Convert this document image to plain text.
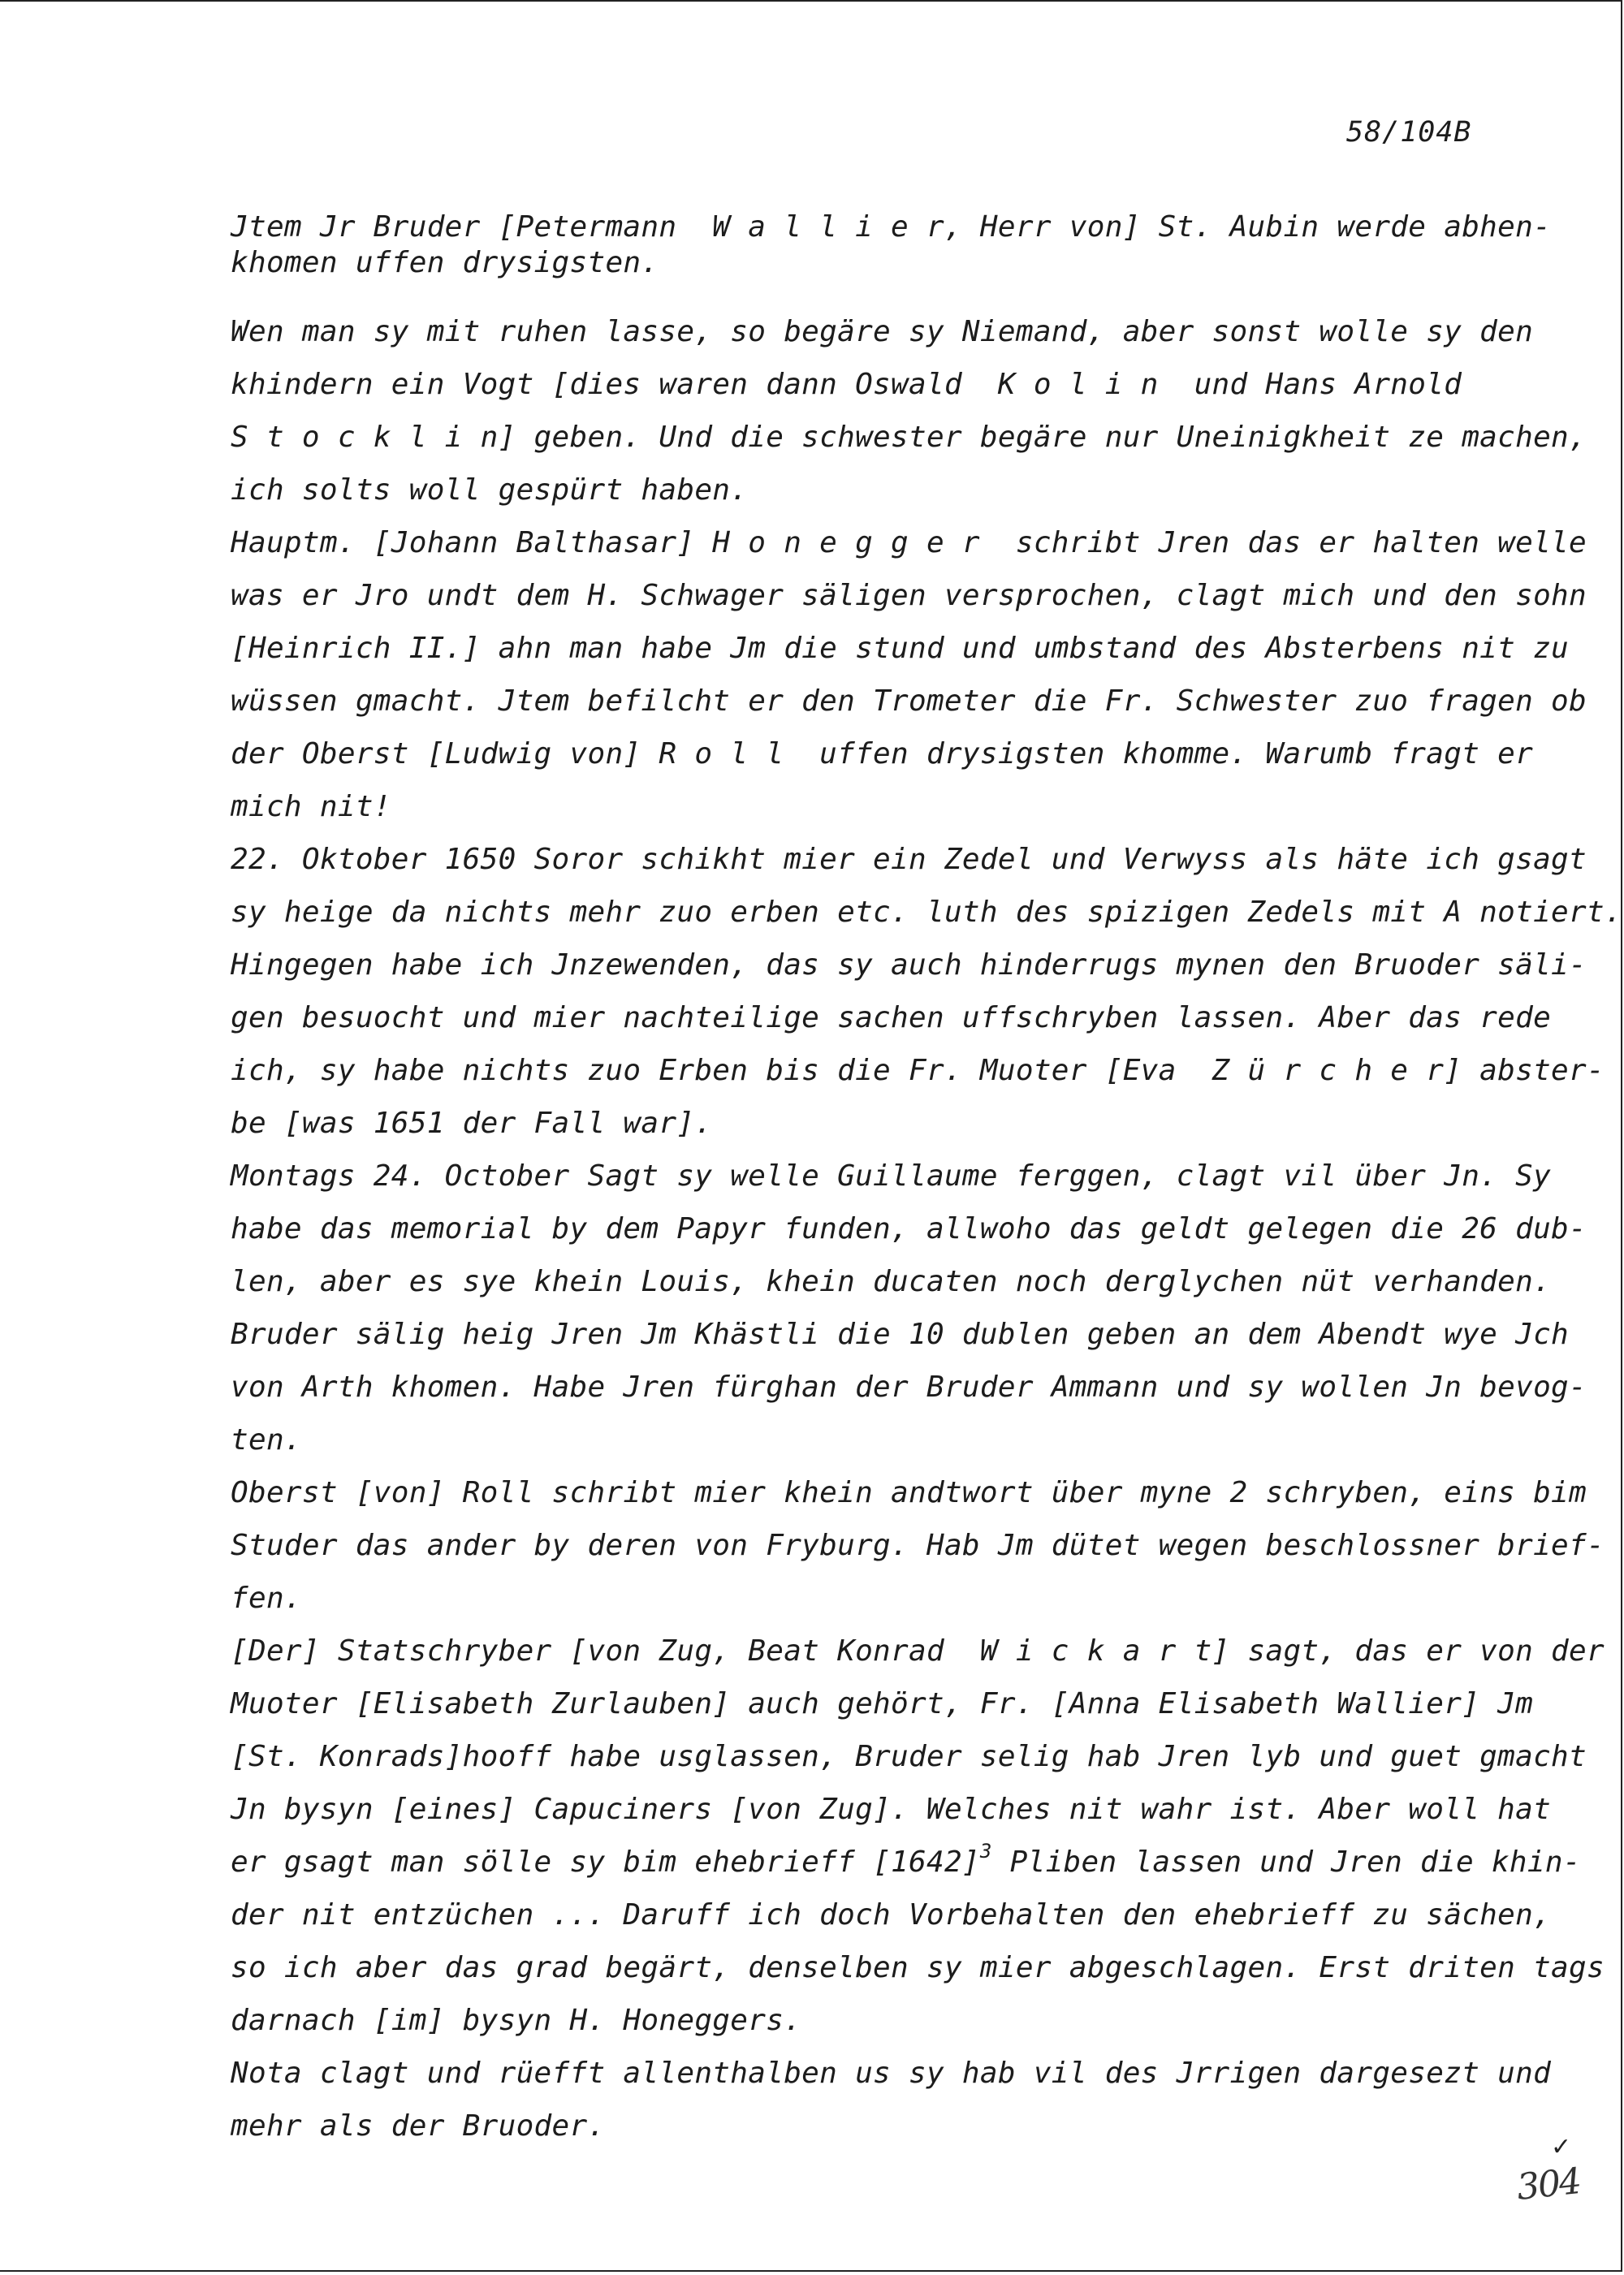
58/104B
Jtem Jr Bruder [Petermann  W a l l i e r, Herr von] St. Aubin werde abhen-
khomen uffen drysigsten.
Wen man sy mit ruhen lasse, so begäre sy Niemand, aber sonst wolle sy den
khindern ein Vogt [dies waren dann Oswald  K o l i n  und Hans Arnold
S t o c k l i n] geben. Und die schwester begäre nur Uneinigkheit ze machen,
ich solts woll gespürt haben.
Hauptm. [Johann Balthasar] H o n e g g e r  schribt Jren das er halten welle
was er Jro undt dem H. Schwager säligen versprochen, clagt mich und den sohn
[Heinrich II.] ahn man habe Jm die stund und umbstand des Absterbens nit zu
wüssen gmacht. Jtem befilcht er den Trometer die Fr. Schwester zuo fragen ob
der Oberst [Ludwig von] R o l l  uffen drysigsten khomme. Warumb fragt er
mich nit!
22. Oktober 1650 Soror schikht mier ein Zedel und Verwyss als häte ich gsagt
sy heige da nichts mehr zuo erben etc. luth des spizigen Zedels mit A notiert.
Hingegen habe ich Jnzewenden, das sy auch hinderrugs mynen den Bruoder säli-
gen besuocht und mier nachteilige sachen uffschryben lassen. Aber das rede
ich, sy habe nichts zuo Erben bis die Fr. Muoter [Eva  Z ü r c h e r] abster-
be [was 1651 der Fall war].
Montags 24. October Sagt sy welle Guillaume ferggen, clagt vil über Jn. Sy
habe das memorial by dem Papyr funden, allwoho das geldt gelegen die 26 dub-
len, aber es sye khein Louis, khein ducaten noch derglychen nüt verhanden.
Bruder sälig heig Jren Jm Khästli die 10 dublen geben an dem Abendt wye Jch
von Arth khomen. Habe Jren fürghan der Bruder Ammann und sy wollen Jn bevog-
ten.
Oberst [von] Roll schribt mier khein andtwort über myne 2 schryben, eins bim
Studer das ander by deren von Fryburg. Hab Jm dütet wegen beschlossner brief-
fen.
[Der] Statschryber [von Zug, Beat Konrad  W i c k a r t] sagt, das er von der
Muoter [Elisabeth Zurlauben] auch gehört, Fr. [Anna Elisabeth Wallier] Jm
[St. Konrads]hooff habe usglassen, Bruder selig hab Jren lyb und guet gmacht
Jn bysyn [eines] Capuciners [von Zug]. Welches nit wahr ist. Aber woll hat
er gsagt man sölle sy bim ehebrieff $[1642]^3$ Pliben lassen und Jren die khin-
der nit entzüchen ... Daruff ich doch Vorbehalten den ehebrieff zu sächen,
so ich aber das grad begärt, denselben sy mier abgeschlagen. Erst driten tags
darnach [im] bysyn H. Honeggers.
Nota clagt und rüefft allenthalben us sy hab vil des Jrrigen dargesezt und
mehr als der Bruoder.
✓
304
